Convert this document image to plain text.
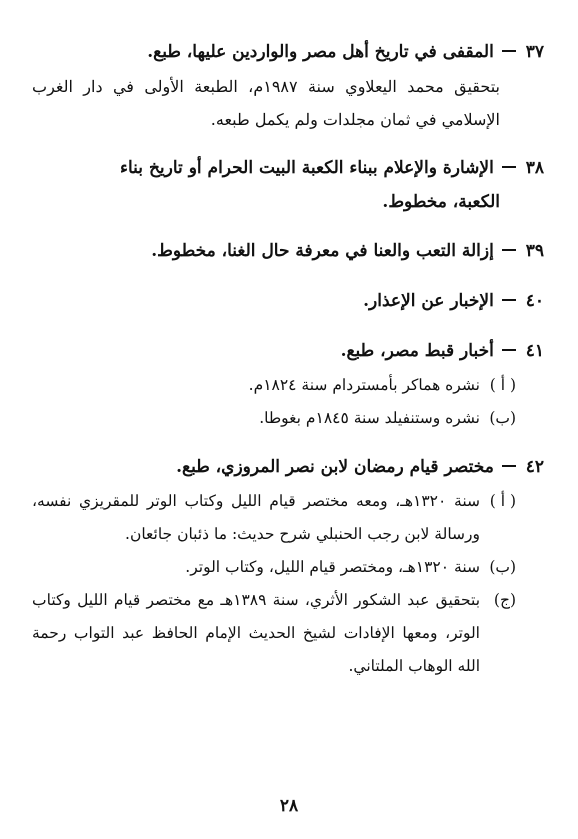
٣٧
المقفى في تاريخ أهل مصر والواردين عليها، طبع.
بتحقيق محمد اليعلاوي سنة ١٩٨٧م، الطبعة الأولى في دار الغرب الإسلامي في ثمان مجلدات ولم يكمل طبعه.
٣٨
الإشارة والإعلام ببناء الكعبة البيت الحرام أو تاريخ بناء
الكعبة، مخطوط.
٣٩
إزالة التعب والعنا في معرفة حال الغنا، مخطوط.
٤٠
الإخبار عن الإعذار.
٤١
أخبار قبط مصر، طبع.
( أ )
نشره هماكر بأمستردام سنة ١٨٢٤م.
(ب)
نشره وستنفيلد سنة ١٨٤٥م بغوطا.
٤٢
مختصر قيام رمضان لابن نصر المروزي، طبع.
( أ )
سنة ١٣٢٠هـ، ومعه مختصر قيام الليل وكتاب الوتر للمقريزي نفسه، ورسالة لابن رجب الحنبلي شرح حديث: ما ذئبان جائعان.
(ب)
سنة ١٣٢٠هـ، ومختصر قيام الليل، وكتاب الوتر.
(ج)
بتحقيق عبد الشكور الأثري، سنة ١٣٨٩هـ مع مختصر قيام الليل وكتاب الوتر، ومعها الإفادات لشيخ الحديث الإمام الحافظ عبد التواب رحمة الله الوهاب الملتاني.
٢٨
